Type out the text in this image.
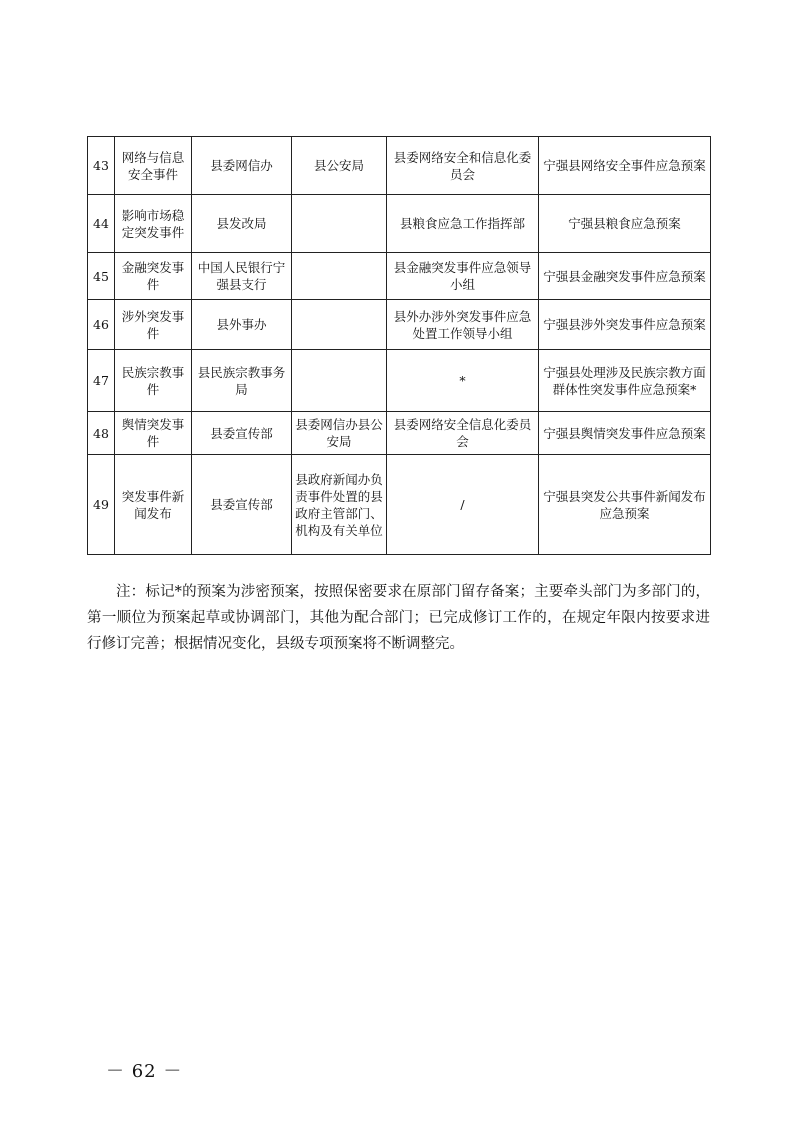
43	网络与信息安全事件	县委网信办	县公安局	县委网络安全和信息化委员会	宁强县网络安全事件应急预案
44	影响市场稳定突发事件	县发改局		县粮食应急工作指挥部	宁强县粮食应急预案
45	金融突发事件	中国人民银行宁强县支行		县金融突发事件应急领导小组	宁强县金融突发事件应急预案
46	涉外突发事件	县外事办		县外办涉外突发事件应急处置工作领导小组	宁强县涉外突发事件应急预案
47	民族宗教事件	县民族宗教事务局		*	宁强县处理涉及民族宗教方面群体性突发事件应急预案*
48	舆情突发事件	县委宣传部	县委网信办县公安局	县委网络安全信息化委员会	宁强县舆情突发事件应急预案
49	突发事件新闻发布	县委宣传部	县政府新闻办负责事件处置的县政府主管部门、机构及有关单位	/	宁强县突发公共事件新闻发布应急预案

注：标记*的预案为涉密预案，按照保密要求在原部门留存备案；主要牵头部门为多部门的，第一顺位为预案起草或协调部门，其他为配合部门；已完成修订工作的，在规定年限内按要求进行修订完善；根据情况变化，县级专项预案将不断调整完。

－ 62 －
